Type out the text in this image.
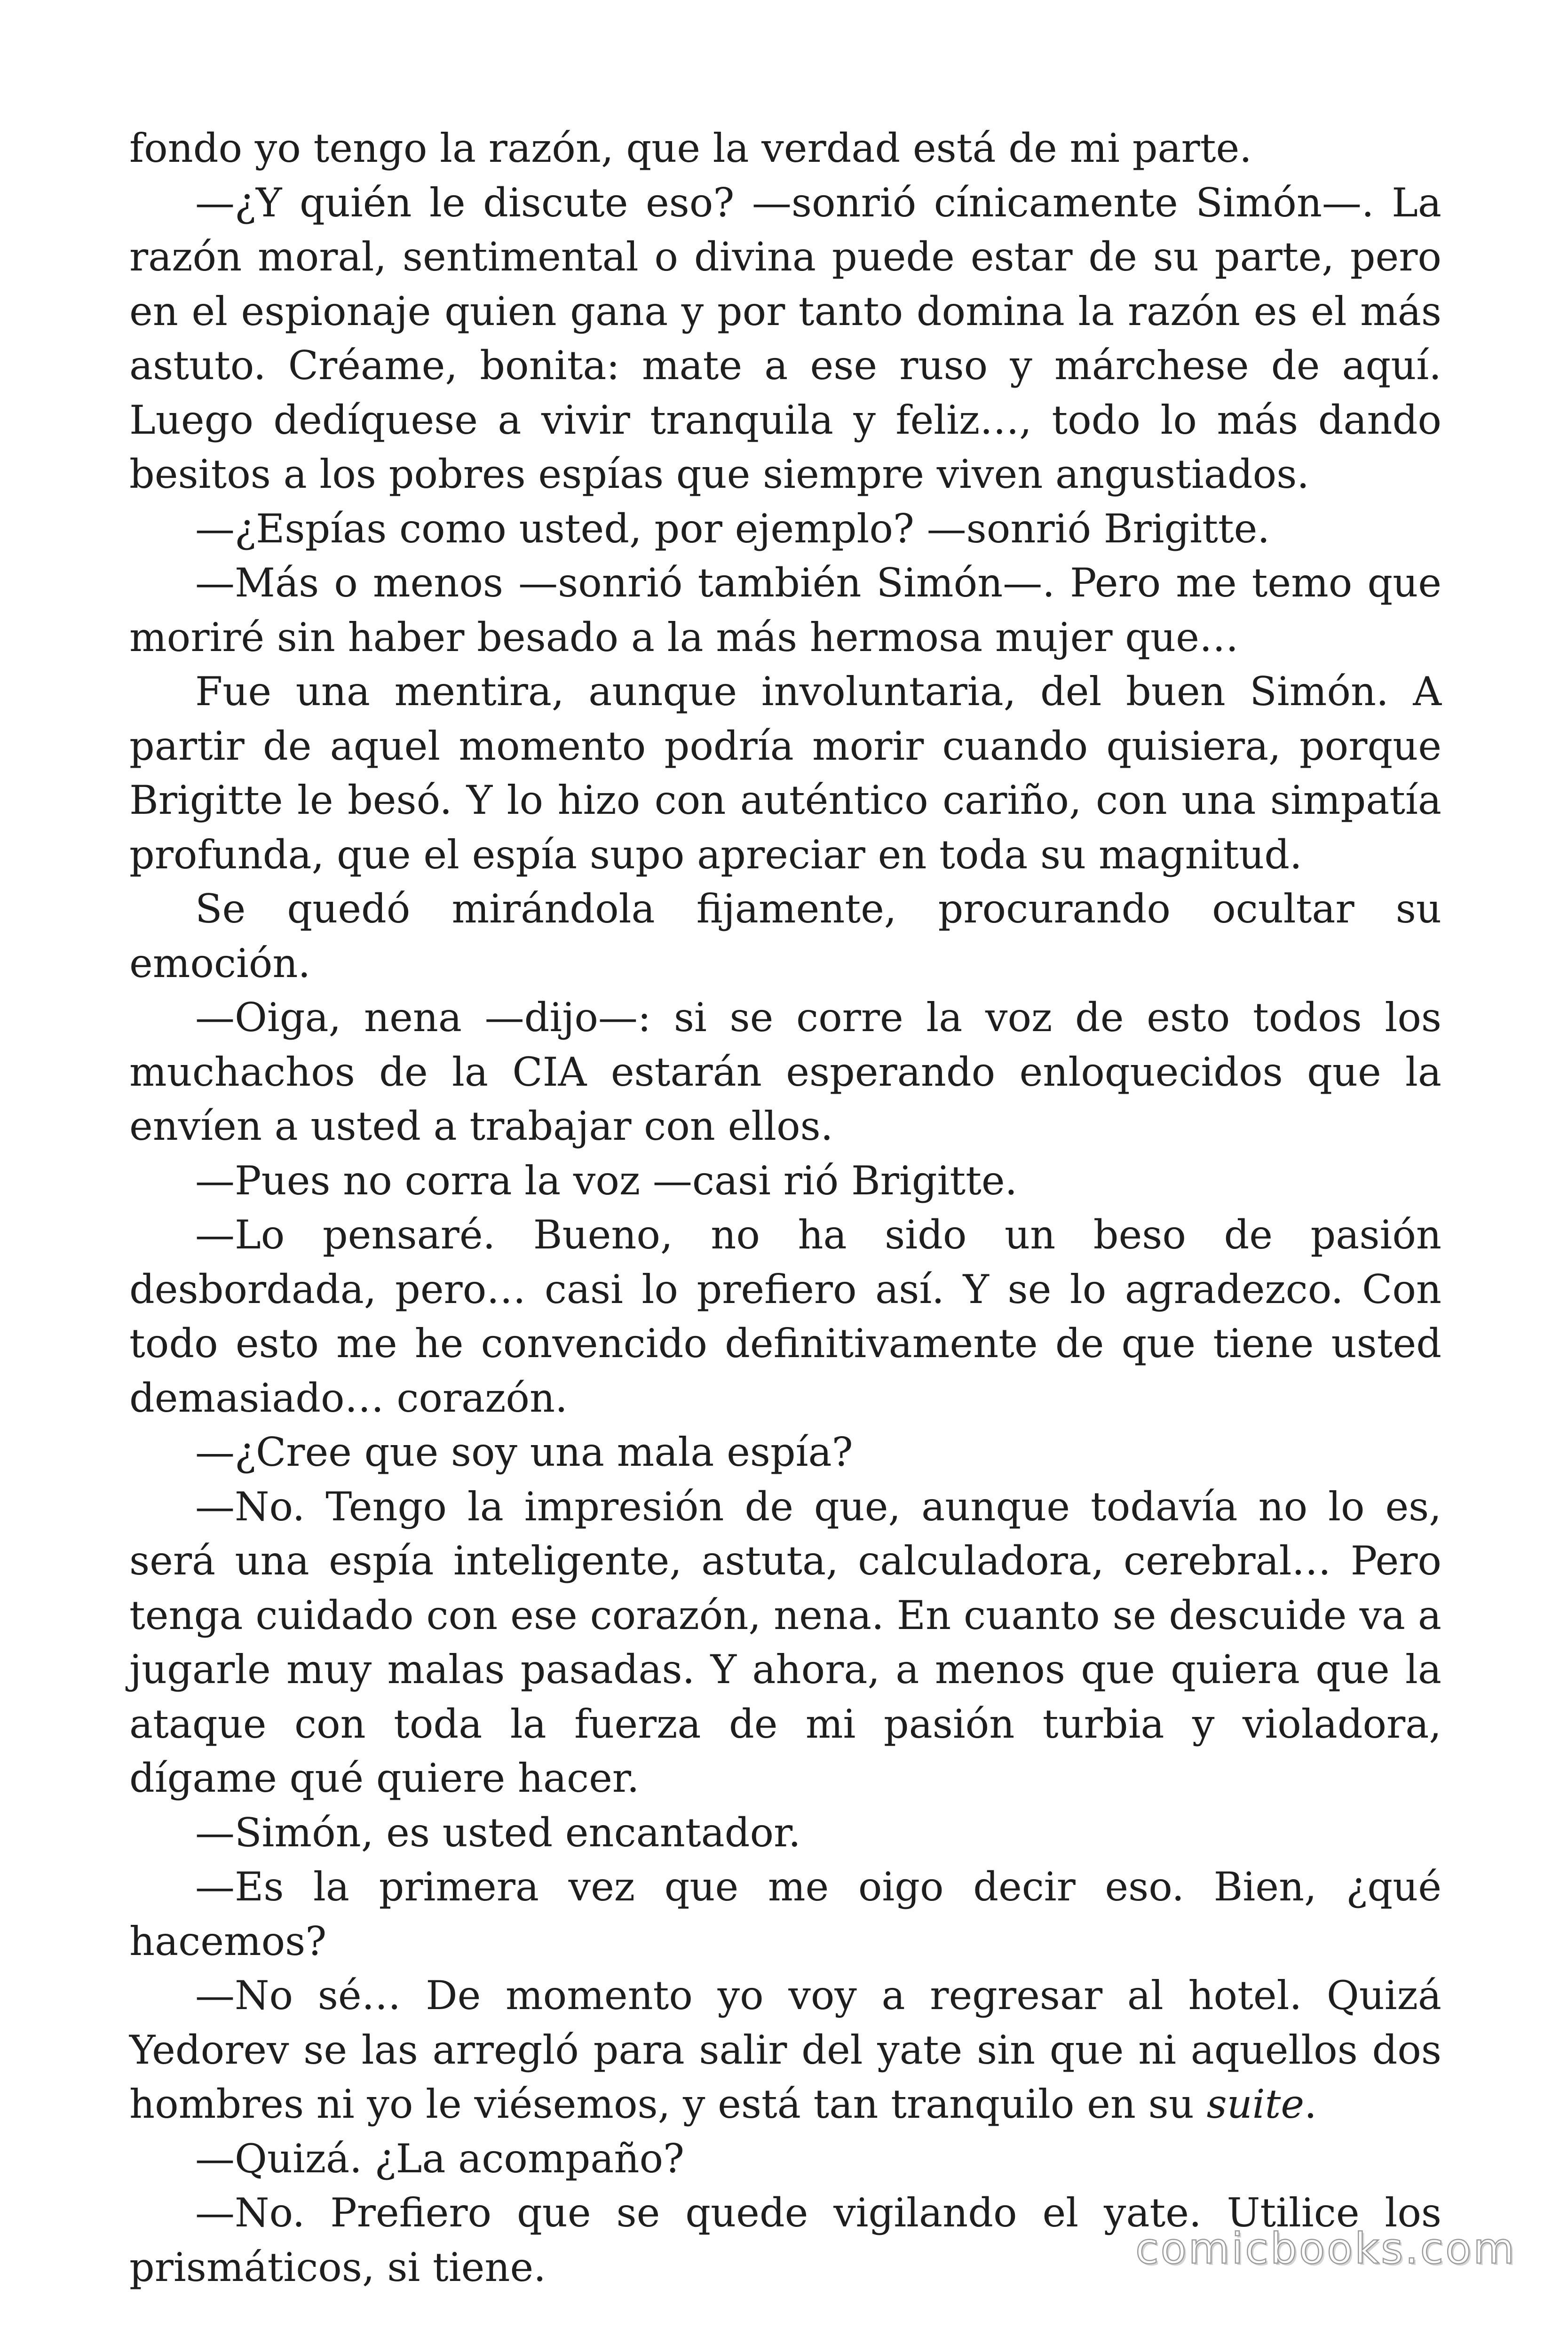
fondo yo tengo la razón, que la verdad está de mi parte.

—¿Y quién le discute eso? —sonrió cínicamente Simón—. La razón moral, sentimental o divina puede estar de su parte, pero en el espionaje quien gana y por tanto domina la razón es el más astuto. Créame, bonita: mate a ese ruso y márchese de aquí. Luego dedíquese a vivir tranquila y feliz…, todo lo más dando besitos a los pobres espías que siempre viven angustiados.

—¿Espías como usted, por ejemplo? —sonrió Brigitte.

—Más o menos —sonrió también Simón—. Pero me temo que moriré sin haber besado a la más hermosa mujer que…

Fue una mentira, aunque involuntaria, del buen Simón. A partir de aquel momento podría morir cuando quisiera, porque Brigitte le besó. Y lo hizo con auténtico cariño, con una simpatía profunda, que el espía supo apreciar en toda su magnitud.

Se quedó mirándola fijamente, procurando ocultar su emoción.

—Oiga, nena —dijo—: si se corre la voz de esto todos los muchachos de la CIA estarán esperando enloquecidos que la envíen a usted a trabajar con ellos.

—Pues no corra la voz —casi rió Brigitte.

—Lo pensaré. Bueno, no ha sido un beso de pasión desbordada, pero… casi lo prefiero así. Y se lo agradezco. Con todo esto me he convencido definitivamente de que tiene usted demasiado… corazón.

—¿Cree que soy una mala espía?

—No. Tengo la impresión de que, aunque todavía no lo es, será una espía inteligente, astuta, calculadora, cerebral… Pero tenga cuidado con ese corazón, nena. En cuanto se descuide va a jugarle muy malas pasadas. Y ahora, a menos que quiera que la ataque con toda la fuerza de mi pasión turbia y violadora, dígame qué quiere hacer.

—Simón, es usted encantador.

—Es la primera vez que me oigo decir eso. Bien, ¿qué hacemos?

—No sé… De momento yo voy a regresar al hotel. Quizá Yedorev se las arregló para salir del yate sin que ni aquellos dos hombres ni yo le viésemos, y está tan tranquilo en su suite.

—Quizá. ¿La acompaño?

—No. Prefiero que se quede vigilando el yate. Utilice los prismáticos, si tiene.	comicbooks.com
